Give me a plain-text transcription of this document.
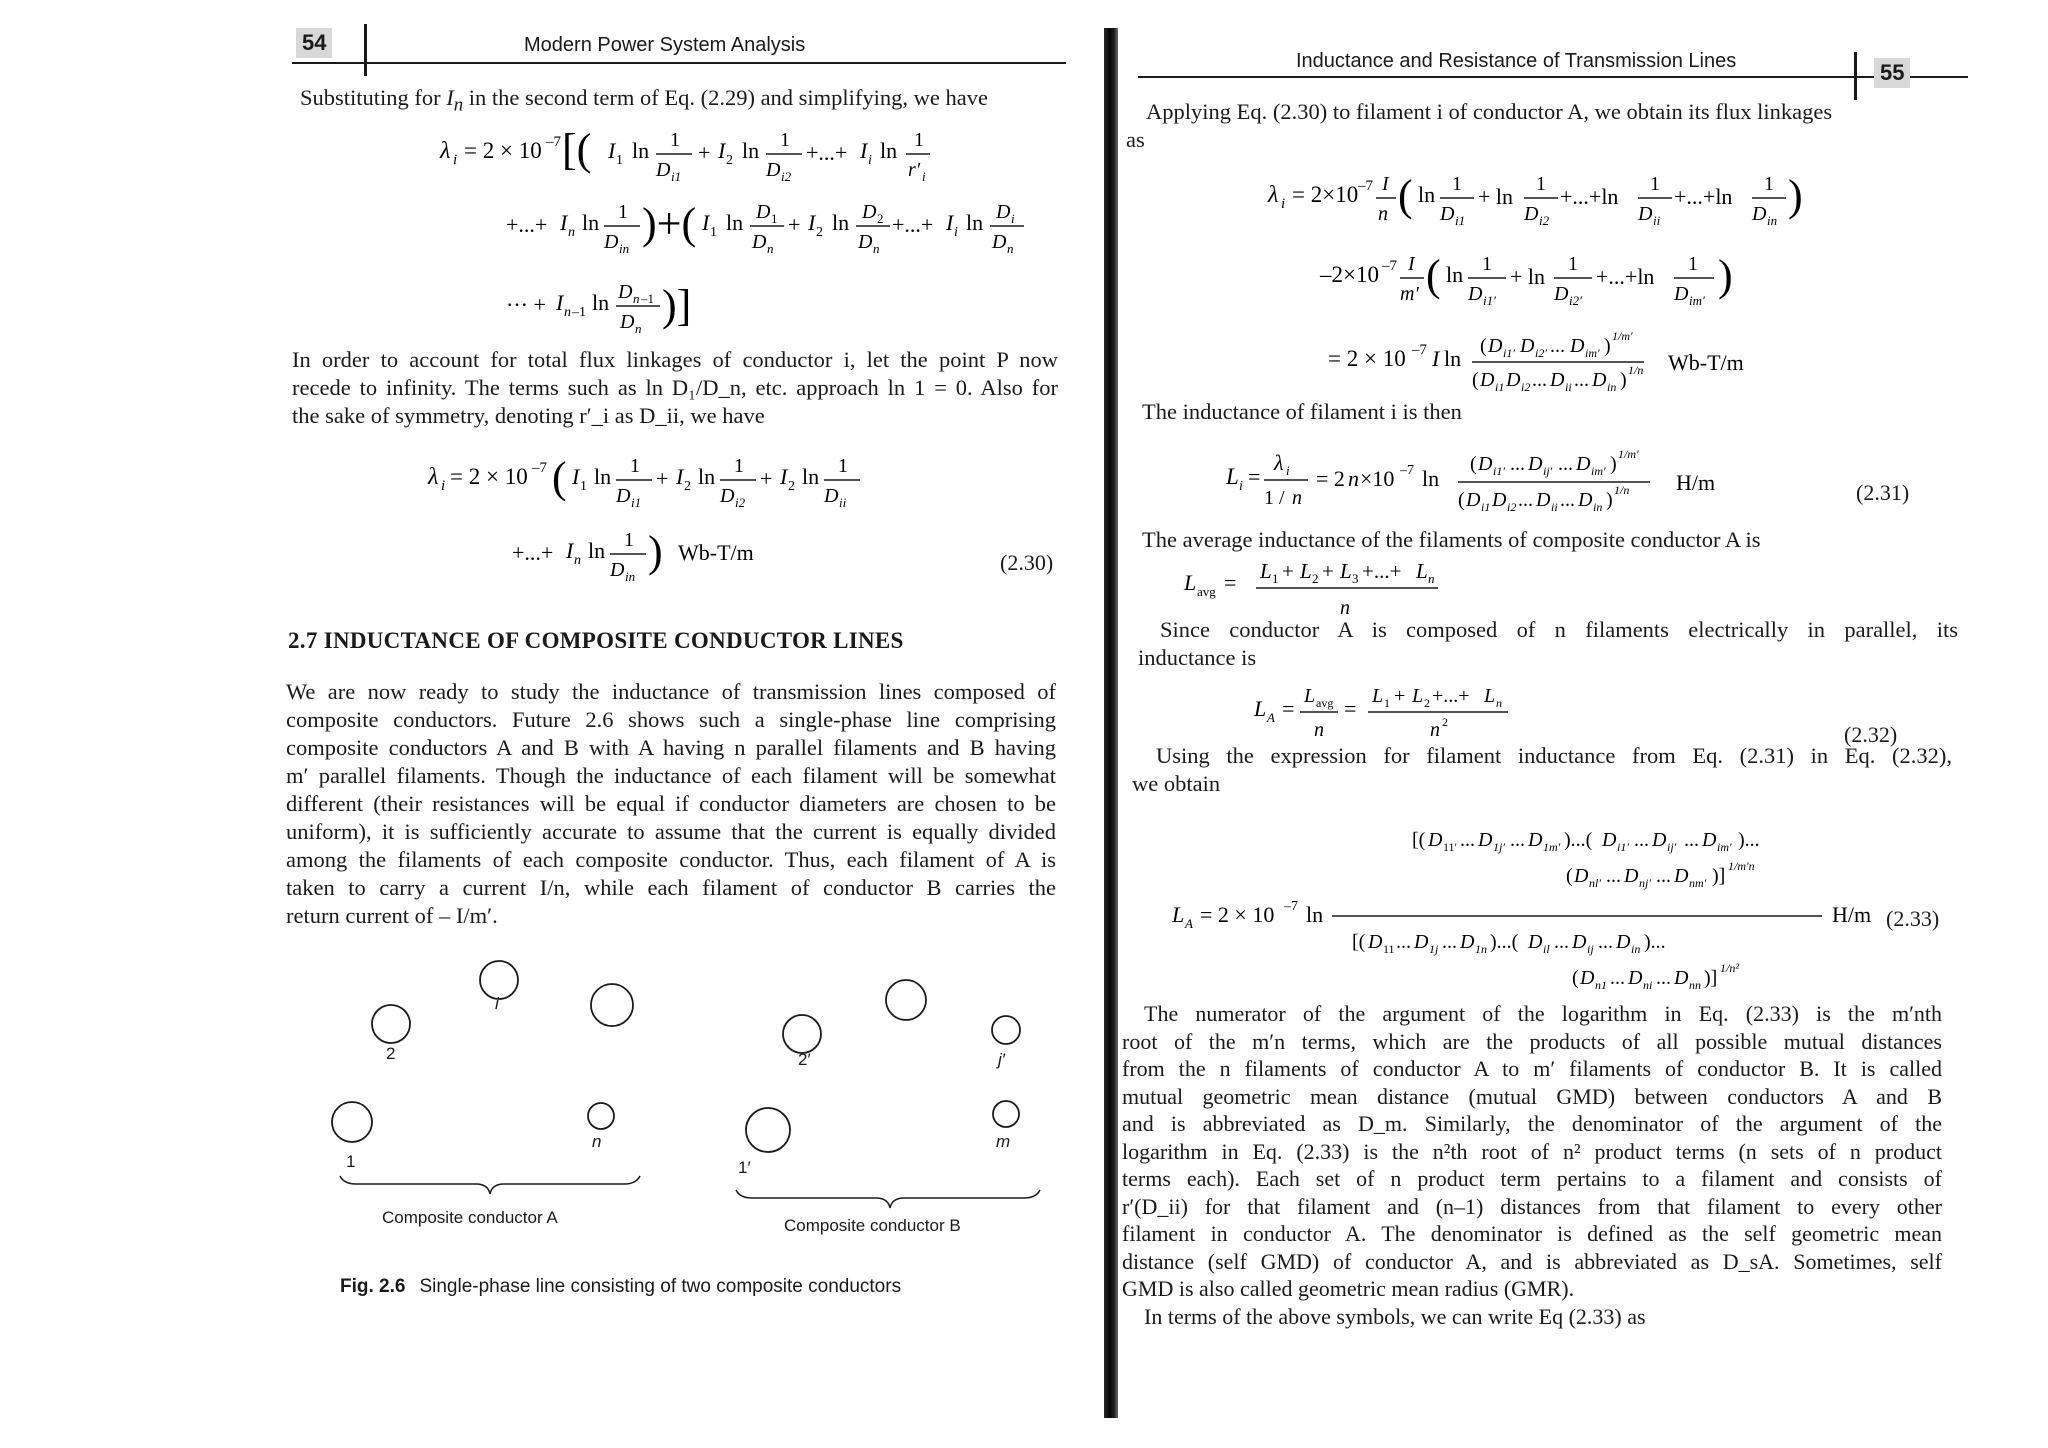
54	Modern Power System Analysis
Substituting for $I_n$ in the second term of Eq. (2.29) and simplifying, we have
λ i = 2 × 10 –7 [( I 1 ln 1
D i1
+ I 2 ln 1
D i2
+...+ I i ln 1
r′ i
+...+ I n ln 1
D in
)+( I 1 ln D 1
D n
+ I 2 ln D 2
D n
+...+ I i ln D i
D n
··· + I n –1 ln D n –1
D n )]
In order to account for total flux linkages of conductor i, let the point P now
recede to infinity. The terms such as ln D₁/D_n, etc. approach ln 1 = 0. Also for
the sake of symmetry, denoting r′_i as D_ii, we have
λ i = 2 × 10 –7 ( I 1 ln 1
D i1
+ I 2 ln 1
D i2
+ I 2 ln 1
D ii
+...+ I n ln 1
D in
) Wb-T/m	(2.30)
2.7 INDUCTANCE OF COMPOSITE CONDUCTOR LINES
We are now ready to study the inductance of transmission lines composed of
composite conductors. Future 2.6 shows such a single-phase line comprising
composite conductors A and B with A having n parallel filaments and B having
m′ parallel filaments. Though the inductance of each filament will be somewhat
different (their resistances will be equal if conductor diameters are chosen to be
uniform), it is sufficiently accurate to assume that the current is equally divided
among the filaments of each composite conductor. Thus, each filament of A is
taken to carry a current I/n, while each filament of conductor B carries the
return current of – I/m′.
i
2
n
1
2′	j′
m
1′
Composite conductor A	Composite conductor B
Fig. 2.6 Single-phase line consisting of two composite conductors
Inductance and Resistance of Transmission Lines	55
Applying Eq. (2.30) to filament i of conductor A, we obtain its flux linkages
as
λ i = 2×10 –7 I
n ( ln 1
D i1
+ ln 1
D i2
+...+ln 1
D ii
+...+ln 1
D in
)
–2×10 –7 I
m′ ( ln 1
D i1′
+ ln 1
D i2′
+...+ln 1
D im′
)
= 2 × 10 –7 I ln ( D i1′ D i2′ ... D im′ ) 1/m′
( D i1 D i2 ... D ii ... D in ) 1/n Wb-T/m
The inductance of filament i is then
L i =
λ i
1 / n
= 2 n ×10 –7 ln
( D i1′ ... D ij′ ... D im′ ) 1/m′
( D i1 D i2 ... D ii ... D in ) 1/n H/m	(2.31)
The average inductance of the filaments of composite conductor A is
L avg = L 1 + L 2 + L 3 +...+ L n
n
Since conductor A is composed of n filaments electrically in parallel, its
inductance is
L A = L avg
n
= L 1 + L 2 +...+ L n
n 2	(2.32)
Using the expression for filament inductance from Eq. (2.31) in Eq. (2.32),
we obtain
[( D 11′ ... D 1j′ ... D 1m′ )...( D i1′ ... D ij′ ... D im′ )...
( D nl′ ... D nj′ ... D nm′ )] 1/m′n
L A = 2 × 10 –7 ln	H/m
[( D 11 ... D 1j ... D 1n )...( D il ... D ij ... D in )...
( D n1 ... D ni ... D nn )] 1/n²
(2.33)
The numerator of the argument of the logarithm in Eq. (2.33) is the m′nth
root of the m′n terms, which are the products of all possible mutual distances
from the n filaments of conductor A to m′ filaments of conductor B. It is called
mutual geometric mean distance (mutual GMD) between conductors A and B
and is abbreviated as D_m. Similarly, the denominator of the argument of the
logarithm in Eq. (2.33) is the n²th root of n² product terms (n sets of n product
terms each). Each set of n product term pertains to a filament and consists of
r′(D_ii) for that filament and (n–1) distances from that filament to every other
filament in conductor A. The denominator is defined as the self geometric mean
distance (self GMD) of conductor A, and is abbreviated as D_sA. Sometimes, self
GMD is also called geometric mean radius (GMR).
In terms of the above symbols, we can write Eq (2.33) as
